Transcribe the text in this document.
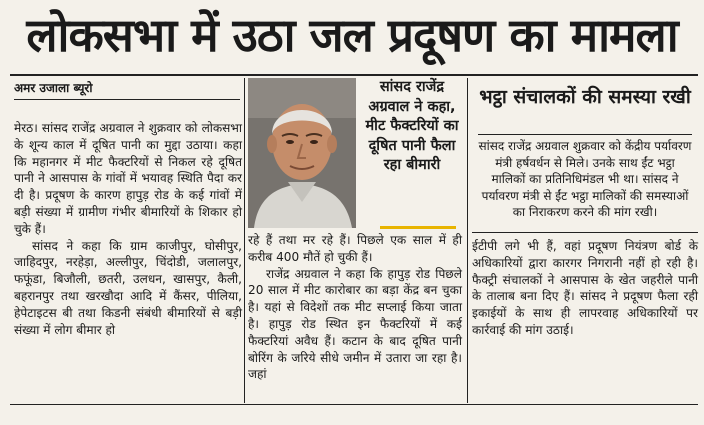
लोकसभा में उठा जल प्रदूषण का मामला
अमर उजाला ब्यूरो

मेरठ। सांसद राजेंद्र अग्रवाल ने शुक्रवार को लोकसभा के शून्य काल में दूषित पानी का मुद्दा उठाया। कहा कि महानगर में मीट फैक्टरियों से निकल रहे दूषित पानी ने आसपास के गांवों में भयावह स्थिति पैदा कर दी है। प्रदूषण के कारण हापुड़ रोड के कई गांवों में बड़ी संख्या में ग्रामीण गंभीर बीमारियों के शिकार हो चुके हैं।

सांसद ने कहा कि ग्राम काजीपुर, घोसीपुर, जाहिदपुर, नरहेड़ा, अल्लीपुर, चिंदोडी, जलालपुर, फफूंडा, बिजौली, छतरी, उलधन, खासपुर, कैली, बहरानपुर तथा खरखौदा आदि में कैंसर, पीलिया, हेपेटाइटस बी तथा किडनी संबंधी बीमारियों से बड़ी संख्या में लोग बीमार हो

सांसद राजेंद्र अग्रवाल ने कहा, मीट फैक्टरियों का दूषित पानी फैला रहा बीमारी

रहे हैं तथा मर रहे हैं। पिछले एक साल में ही करीब 400 मौतें हो चुकी हैं।

राजेंद्र अग्रवाल ने कहा कि हापुड़ रोड पिछले 20 साल में मीट कारोबार का बड़ा केंद्र बन चुका है। यहां से विदेशों तक मीट सप्लाई किया जाता है। हापुड़ रोड स्थित इन फैक्टरियों में कई फैक्टरियां अवैध हैं। कटान के बाद दूषित पानी बोरिंग के जरिये सीधे जमीन में उतारा जा रहा है। जहां

भट्ठा संचालकों की समस्या रखी
सांसद राजेंद्र अग्रवाल शुक्रवार को केंद्रीय पर्यावरण मंत्री हर्षवर्धन से मिले। उनके साथ ईंट भट्ठा मालिकों का प्रतिनिधिमंडल भी था। सांसद ने पर्यावरण मंत्री से ईंट भट्ठा मालिकों की समस्याओं का निराकरण करने की मांग रखी।

ईटीपी लगे भी हैं, वहां प्रदूषण नियंत्रण बोर्ड के अधिकारियों द्वारा कारगर निगरानी नहीं हो रही है। फैक्ट्री संचालकों ने आसपास के खेत जहरीले पानी के तालाब बना दिए हैं। सांसद ने प्रदूषण फैला रही इकाईयों के साथ ही लापरवाह अधिकारियों पर कार्रवाई की मांग उठाई।
